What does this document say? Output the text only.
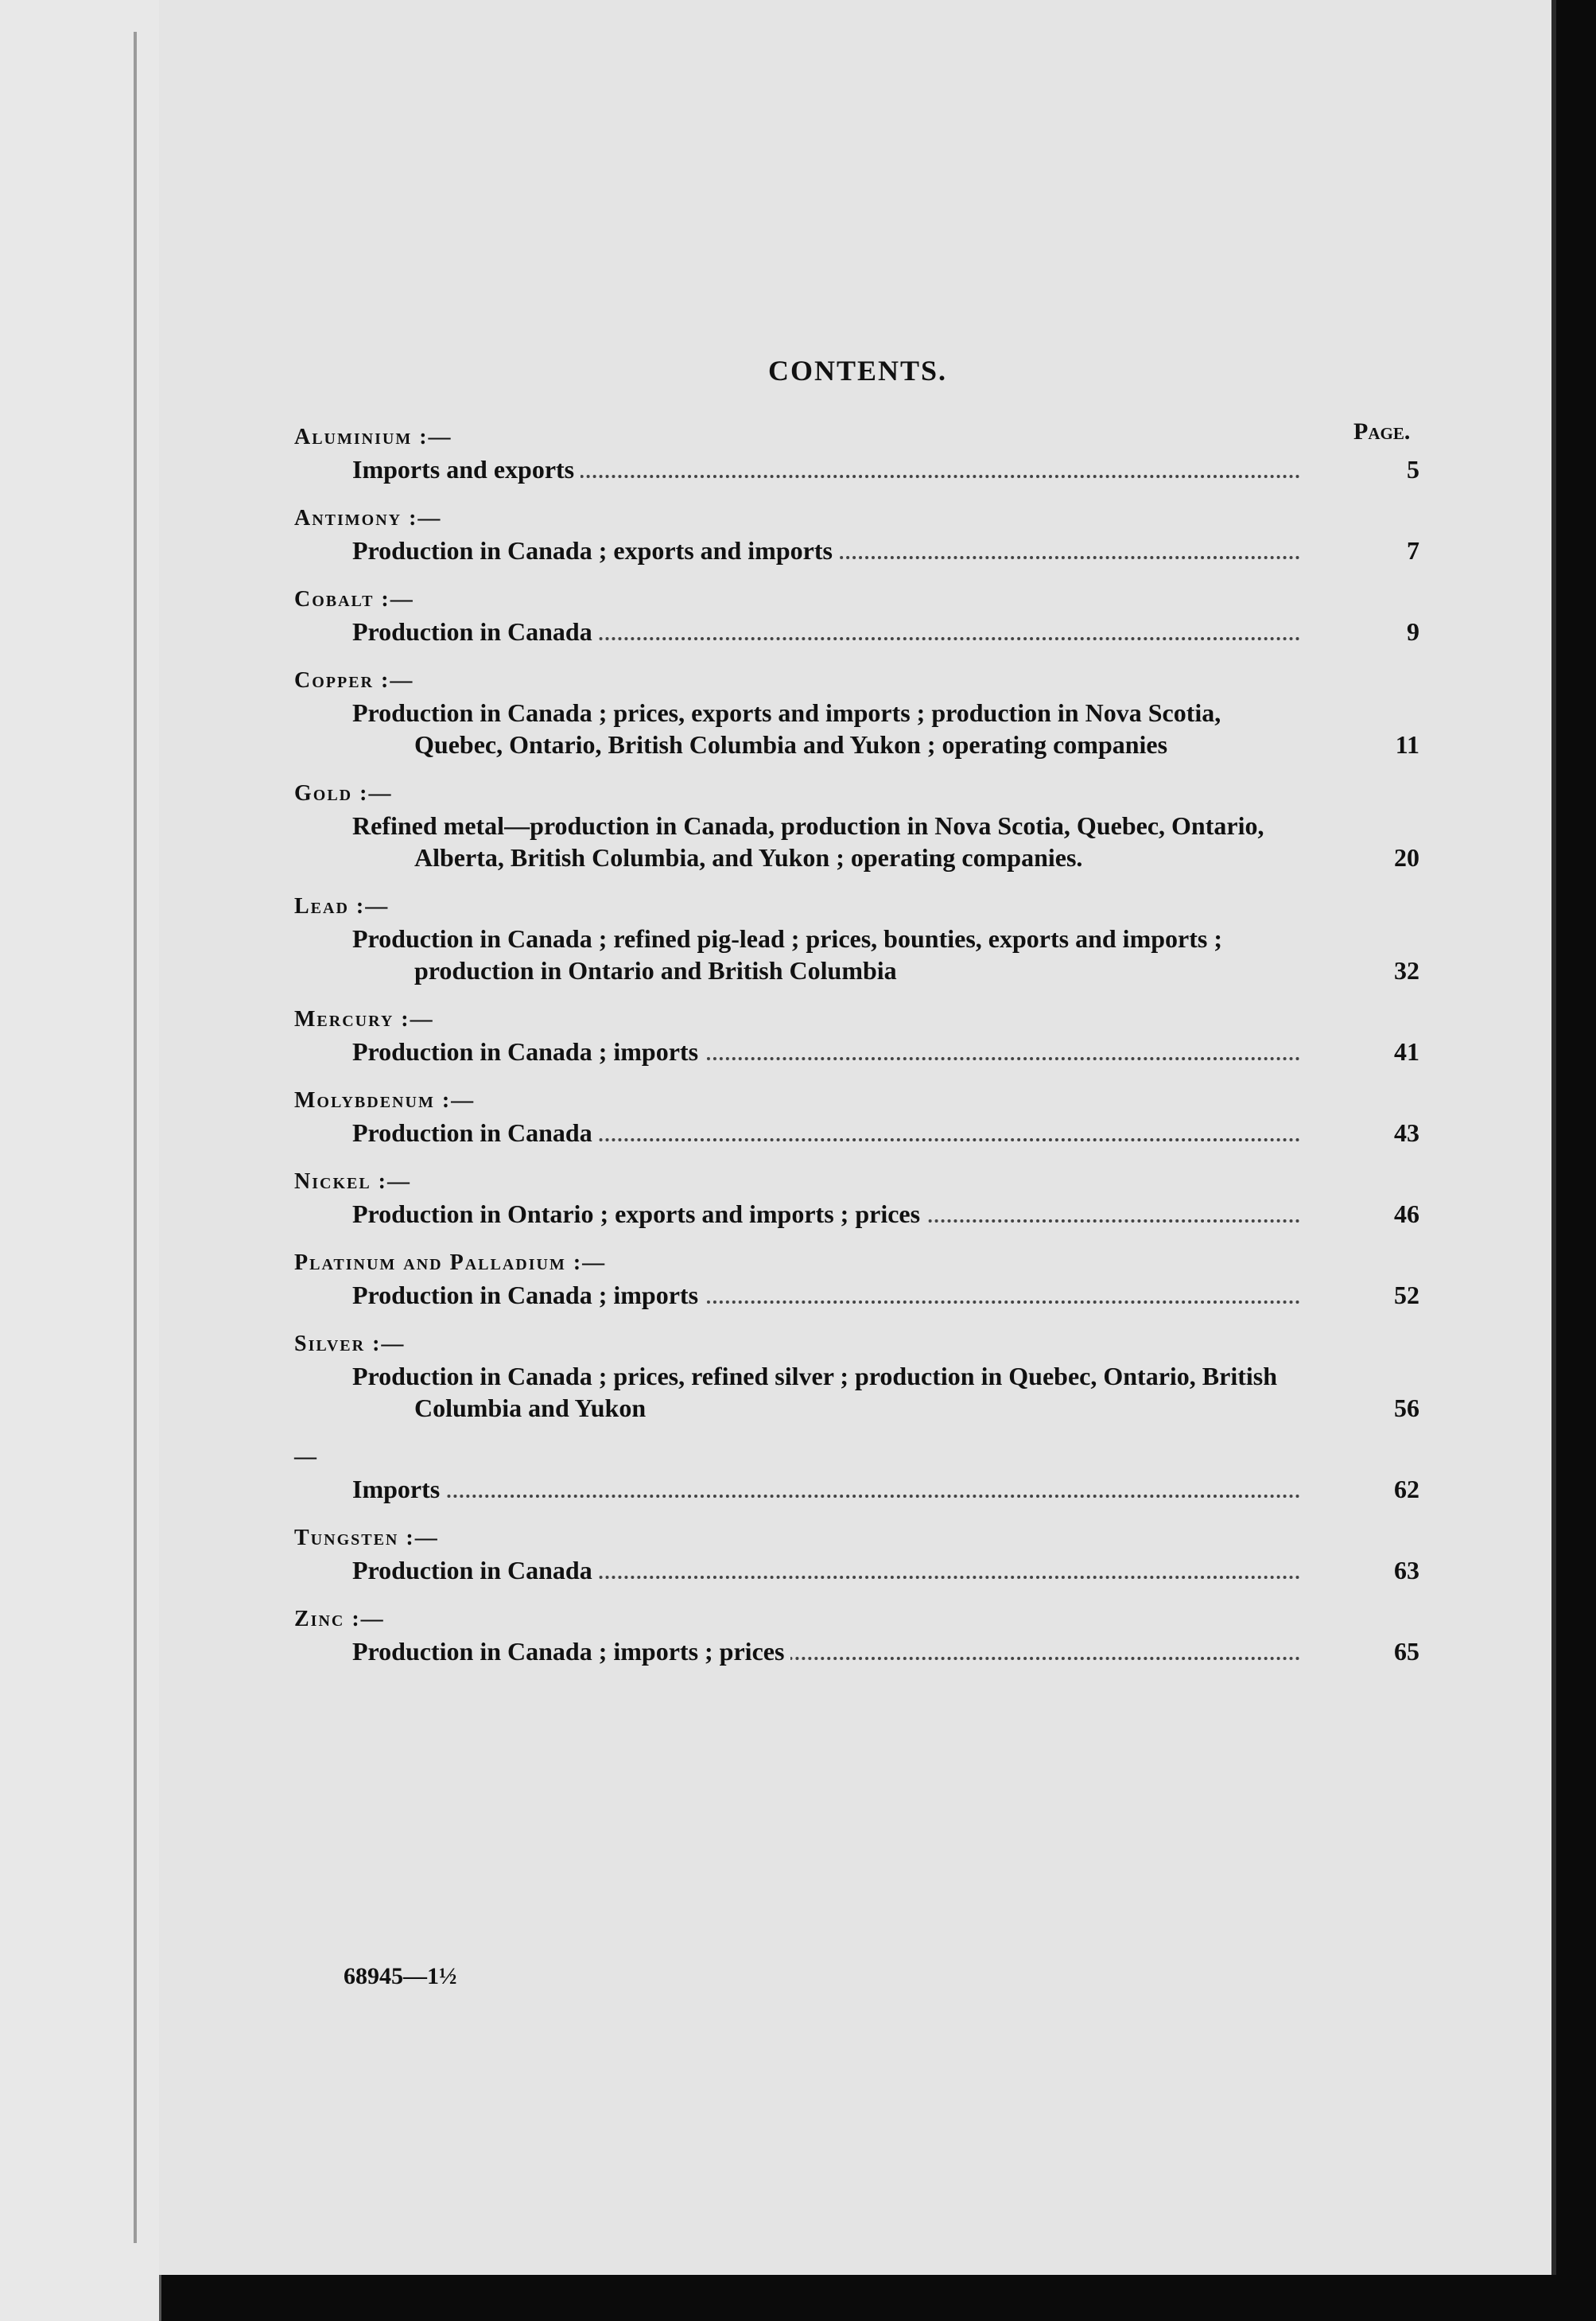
CONTENTS.
Page.
Aluminium :—
Imports and exports	5
Antimony :—
Production in Canada ; exports and imports	7
Cobalt :—
Production in Canada	9
Copper :—
Production in Canada ; prices, exports and imports ; production in Nova Scotia, Quebec, Ontario, British Columbia and Yukon ; operating companies	11
Gold :—
Refined metal—production in Canada, production in Nova Scotia, Quebec, Ontario, Alberta, British Columbia, and Yukon ; operating companies.	20
Lead :—
Production in Canada ; refined pig-lead ; prices, bounties, exports and imports ; production in Ontario and British Columbia	32
Mercury :—
Production in Canada ; imports	41
Molybdenum :—
Production in Canada	43
Nickel :—
Production in Ontario ; exports and imports ; prices	46
Platinum and Palladium :—
Production in Canada ; imports	52
Silver :—
Production in Canada ; prices, refined silver ; production in Quebec, Ontario, British Columbia and Yukon	56
—
Imports	62
Tungsten :—
Production in Canada	63
Zinc :—
Production in Canada ; imports ; prices	65
68945—1½
